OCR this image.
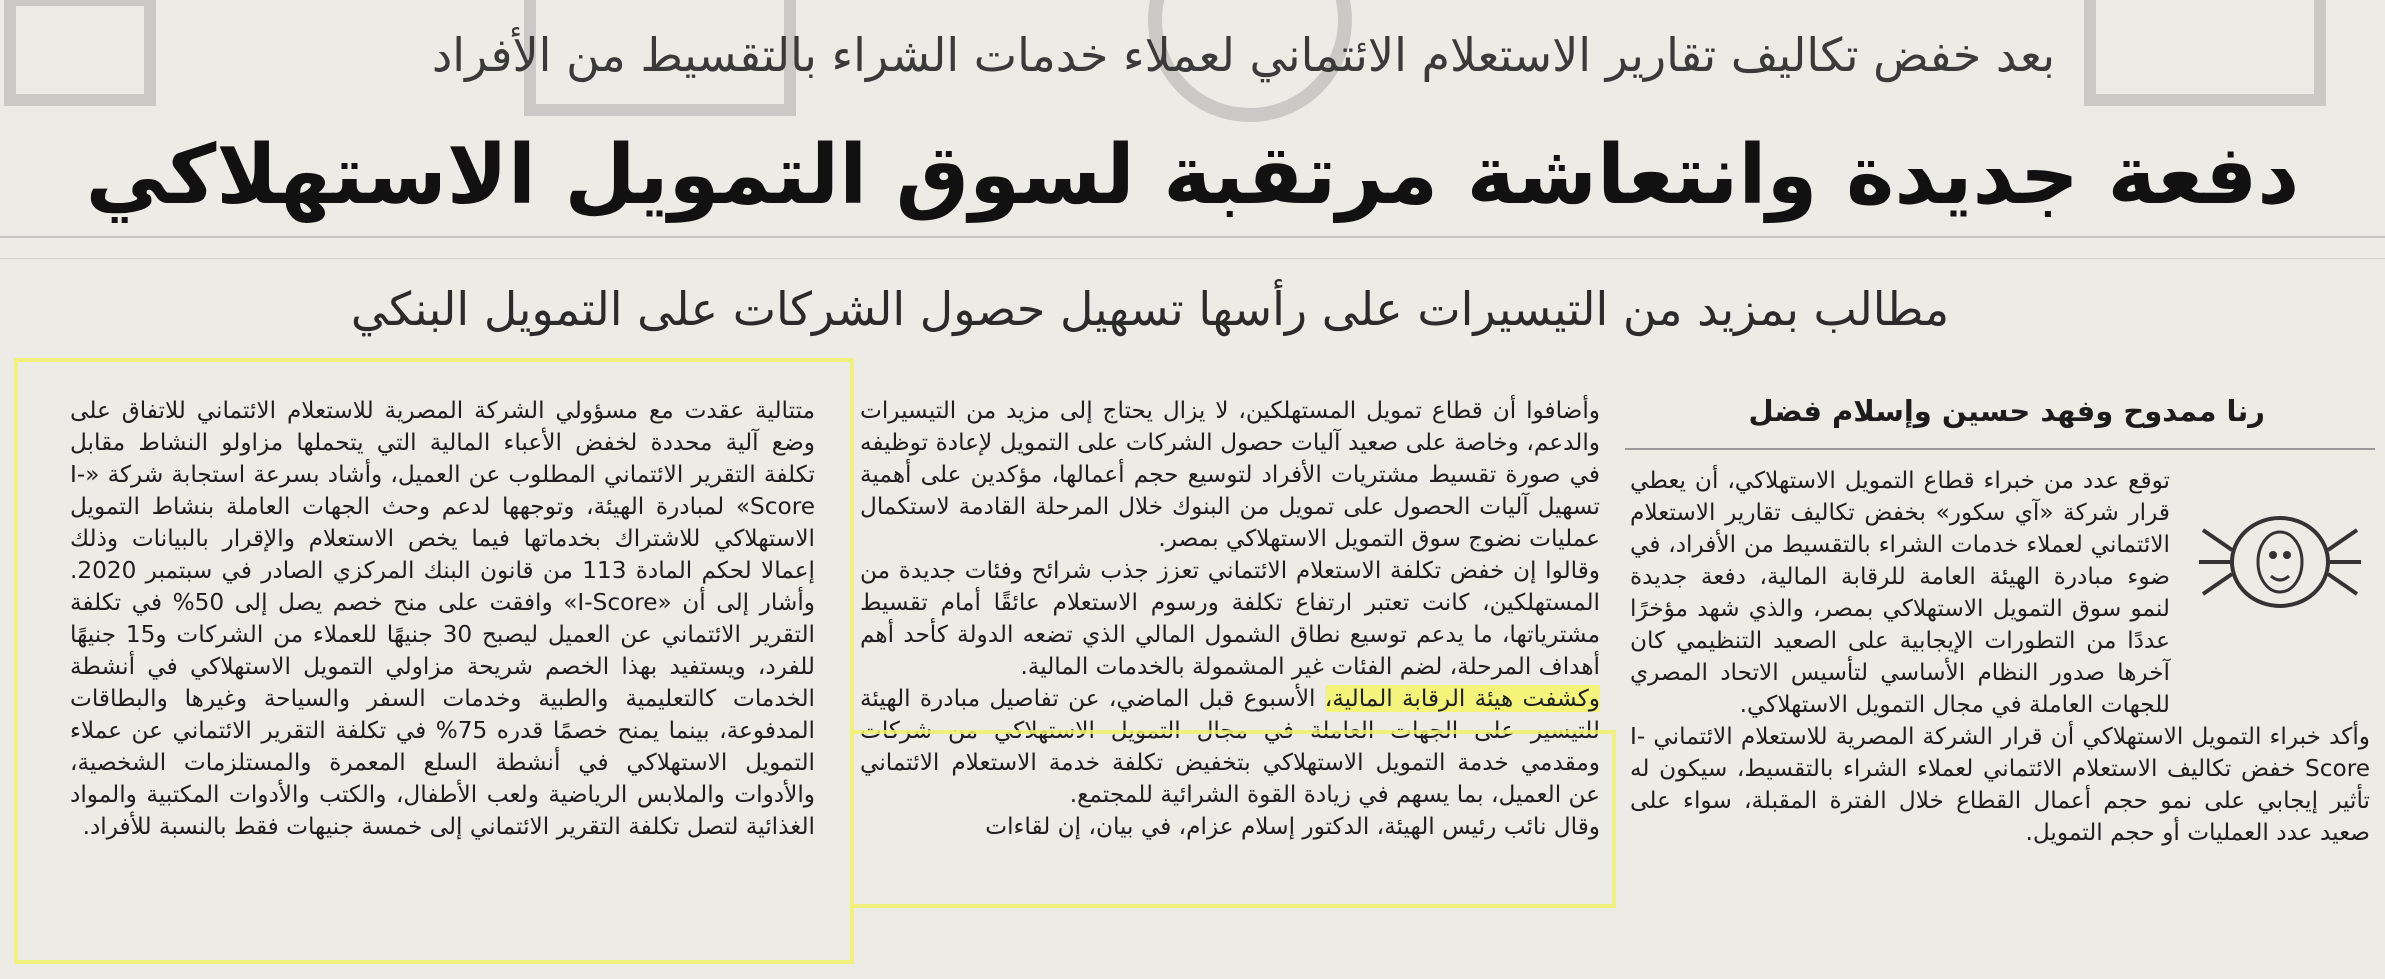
بعد خفض تكاليف تقارير الاستعلام الائتماني لعملاء خدمات الشراء بالتقسيط من الأفراد
دفعة جديدة وانتعاشة مرتقبة لسوق التمويل الاستهلاكي
مطالب بمزيد من التيسيرات على رأسها تسهيل حصول الشركات على التمويل البنكي
رنا ممدوح وفهد حسين وإسلام فضل

توقع عدد من خبراء قطاع التمويل الاستهلاكي، أن يعطي قرار شركة «آي سكور» بخفض تكاليف تقارير الاستعلام الائتماني لعملاء خدمات الشراء بالتقسيط من الأفراد، في ضوء مبادرة الهيئة العامة للرقابة المالية، دفعة جديدة لنمو سوق التمويل الاستهلاكي بمصر، والذي شهد مؤخرًا عددًا من التطورات الإيجابية على الصعيد التنظيمي كان آخرها صدور النظام الأساسي لتأسيس الاتحاد المصري للجهات العاملة في مجال التمويل الاستهلاكي.

وأكد خبراء التمويل الاستهلاكي أن قرار الشركة المصرية للاستعلام الائتماني I-Score خفض تكاليف الاستعلام الائتماني لعملاء الشراء بالتقسيط، سيكون له تأثير إيجابي على نمو حجم أعمال القطاع خلال الفترة المقبلة، سواء على صعيد عدد العمليات أو حجم التمويل.

وأضافوا أن قطاع تمويل المستهلكين، لا يزال يحتاج إلى مزيد من التيسيرات والدعم، وخاصة على صعيد آليات حصول الشركات على التمويل لإعادة توظيفه في صورة تقسيط مشتريات الأفراد لتوسيع حجم أعمالها، مؤكدين على أهمية تسهيل آليات الحصول على تمويل من البنوك خلال المرحلة القادمة لاستكمال عمليات نضوج سوق التمويل الاستهلاكي بمصر.

وقالوا إن خفض تكلفة الاستعلام الائتماني تعزز جذب شرائح وفئات جديدة من المستهلكين، كانت تعتبر ارتفاع تكلفة ورسوم الاستعلام عائقًا أمام تقسيط مشترياتها، ما يدعم توسيع نطاق الشمول المالي الذي تضعه الدولة كأحد أهم أهداف المرحلة، لضم الفئات غير المشمولة بالخدمات المالية.

وكشفت هيئة الرقابة المالية، الأسبوع قبل الماضي، عن تفاصيل مبادرة الهيئة للتيسير على الجهات العاملة في مجال التمويل الاستهلاكي من شركات ومقدمي خدمة التمويل الاستهلاكي بتخفيض تكلفة خدمة الاستعلام الائتماني عن العميل، بما يسهم في زيادة القوة الشرائية للمجتمع.

وقال نائب رئيس الهيئة، الدكتور إسلام عزام، في بيان، إن لقاءات

متتالية عقدت مع مسؤولي الشركة المصرية للاستعلام الائتماني للاتفاق على وضع آلية محددة لخفض الأعباء المالية التي يتحملها مزاولو النشاط مقابل تكلفة التقرير الائتماني المطلوب عن العميل، وأشاد بسرعة استجابة شركة «I-Score» لمبادرة الهيئة، وتوجهها لدعم وحث الجهات العاملة بنشاط التمويل الاستهلاكي للاشتراك بخدماتها فيما يخص الاستعلام والإقرار بالبيانات وذلك إعمالا لحكم المادة 113 من قانون البنك المركزي الصادر في سبتمبر 2020. وأشار إلى أن «I-Score» وافقت على منح خصم يصل إلى 50% في تكلفة التقرير الائتماني عن العميل ليصبح 30 جنيهًا للعملاء من الشركات و15 جنيهًا للفرد، ويستفيد بهذا الخصم شريحة مزاولي التمويل الاستهلاكي في أنشطة الخدمات كالتعليمية والطبية وخدمات السفر والسياحة وغيرها والبطاقات المدفوعة، بينما يمنح خصمًا قدره 75% في تكلفة التقرير الائتماني عن عملاء التمويل الاستهلاكي في أنشطة السلع المعمرة والمستلزمات الشخصية، والأدوات والملابس الرياضية ولعب الأطفال، والكتب والأدوات المكتبية والمواد الغذائية لتصل تكلفة التقرير الائتماني إلى خمسة جنيهات فقط بالنسبة للأفراد.
